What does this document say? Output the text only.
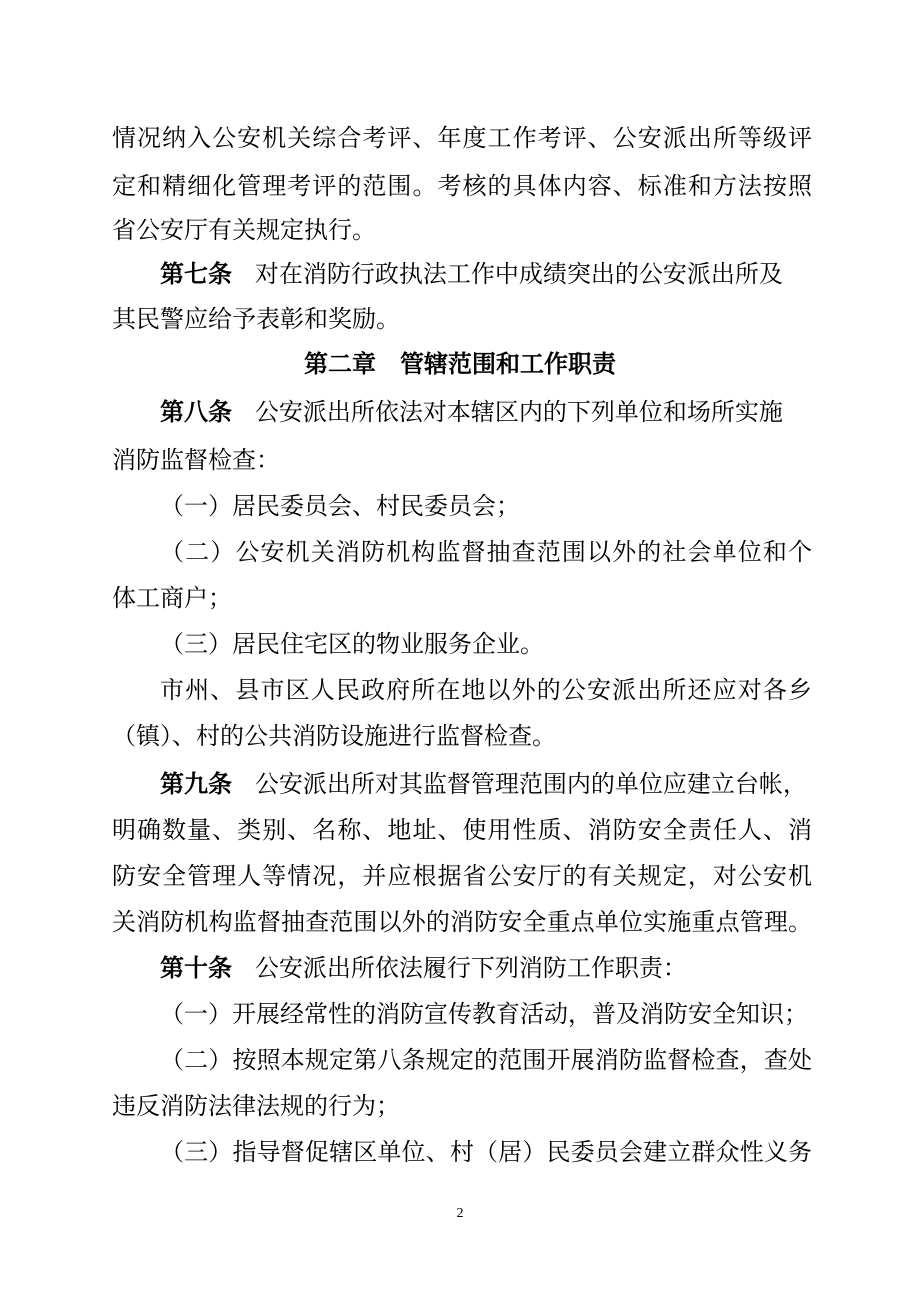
情况纳入公安机关综合考评、年度工作考评、公安派出所等级评
定和精细化管理考评的范围。考核的具体内容、标准和方法按照
省公安厅有关规定执行。
第七条 对在消防行政执法工作中成绩突出的公安派出所及
其民警应给予表彰和奖励。
第二章　管辖范围和工作职责
第八条 公安派出所依法对本辖区内的下列单位和场所实施
消防监督检查：
（一）居民委员会、村民委员会；
（二）公安机关消防机构监督抽查范围以外的社会单位和个
体工商户；
（三）居民住宅区的物业服务企业。
市州、县市区人民政府所在地以外的公安派出所还应对各乡
（镇）、村的公共消防设施进行监督检查。
第九条 公安派出所对其监督管理范围内的单位应建立台帐，
明确数量、类别、名称、地址、使用性质、消防安全责任人、消
防安全管理人等情况，并应根据省公安厅的有关规定，对公安机
关消防机构监督抽查范围以外的消防安全重点单位实施重点管理。
第十条 公安派出所依法履行下列消防工作职责：
（一）开展经常性的消防宣传教育活动，普及消防安全知识；
（二）按照本规定第八条规定的范围开展消防监督检查，查处
违反消防法律法规的行为；
（三）指导督促辖区单位、村（居）民委员会建立群众性义务
2
